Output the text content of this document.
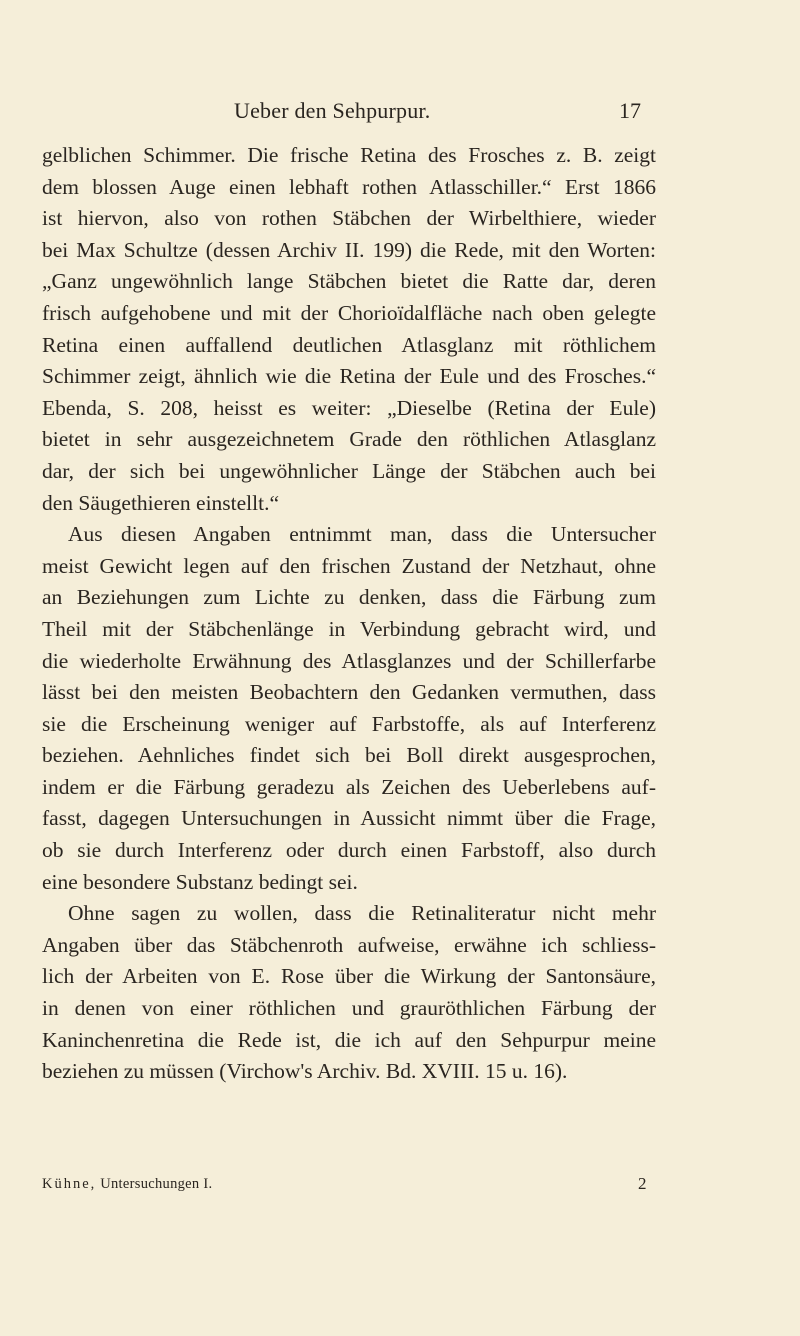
Ueber den Sehpurpur.	17
gelblichen Schimmer. Die frische Retina des Frosches z. B. zeigt
dem blossen Auge einen lebhaft rothen Atlasschiller.“ Erst 1866
ist hiervon, also von rothen Stäbchen der Wirbelthiere, wieder
bei Max Schultze (dessen Archiv II. 199) die Rede, mit den Worten:
„Ganz ungewöhnlich lange Stäbchen bietet die Ratte dar, deren
frisch aufgehobene und mit der Chorioïdalfläche nach oben gelegte
Retina einen auffallend deutlichen Atlasglanz mit röthlichem
Schimmer zeigt, ähnlich wie die Retina der Eule und des Frosches.“
Ebenda, S. 208, heisst es weiter: „Dieselbe (Retina der Eule)
bietet in sehr ausgezeichnetem Grade den röthlichen Atlasglanz
dar, der sich bei ungewöhnlicher Länge der Stäbchen auch bei
den Säugethieren einstellt.“
Aus diesen Angaben entnimmt man, dass die Untersucher
meist Gewicht legen auf den frischen Zustand der Netzhaut, ohne
an Beziehungen zum Lichte zu denken, dass die Färbung zum
Theil mit der Stäbchenlänge in Verbindung gebracht wird, und
die wiederholte Erwähnung des Atlasglanzes und der Schillerfarbe
lässt bei den meisten Beobachtern den Gedanken vermuthen, dass
sie die Erscheinung weniger auf Farbstoffe, als auf Interferenz
beziehen. Aehnliches findet sich bei Boll direkt ausgesprochen,
indem er die Färbung geradezu als Zeichen des Ueberlebens auf-
fasst, dagegen Untersuchungen in Aussicht nimmt über die Frage,
ob sie durch Interferenz oder durch einen Farbstoff, also durch
eine besondere Substanz bedingt sei.
Ohne sagen zu wollen, dass die Retinaliteratur nicht mehr
Angaben über das Stäbchenroth aufweise, erwähne ich schliess-
lich der Arbeiten von E. Rose über die Wirkung der Santonsäure,
in denen von einer röthlichen und grauröthlichen Färbung der
Kaninchenretina die Rede ist, die ich auf den Sehpurpur meine
beziehen zu müssen (Virchow's Archiv. Bd. XVIII. 15 u. 16).
Kühne, Untersuchungen I.	2
